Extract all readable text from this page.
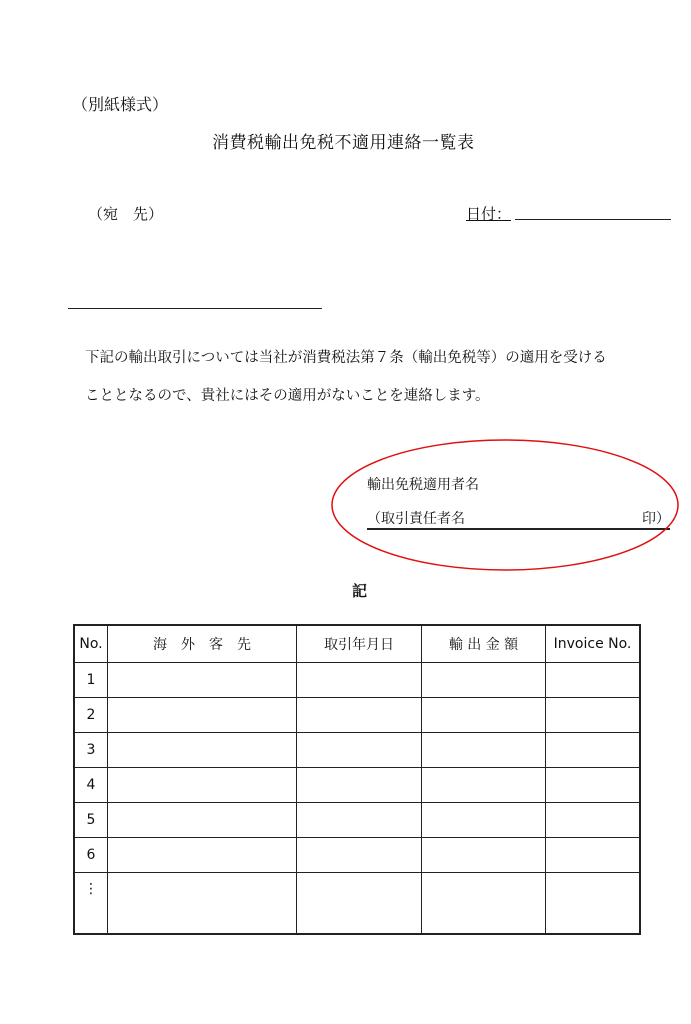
（別紙様式）
消費税輸出免税不適用連絡一覧表
（宛　先）	日付：
下記の輸出取引については当社が消費税法第７条（輸出免税等）の適用を受ける
こととなるので、貴社にはその適用がないことを連絡します。
輸出免税適用者名
（取引責任者名	印）
記
No.	海　外　客　先	取引年月日	輸 出 金 額	Invoice No.
1				
2				
3				
4				
5				
6				
⋮				
